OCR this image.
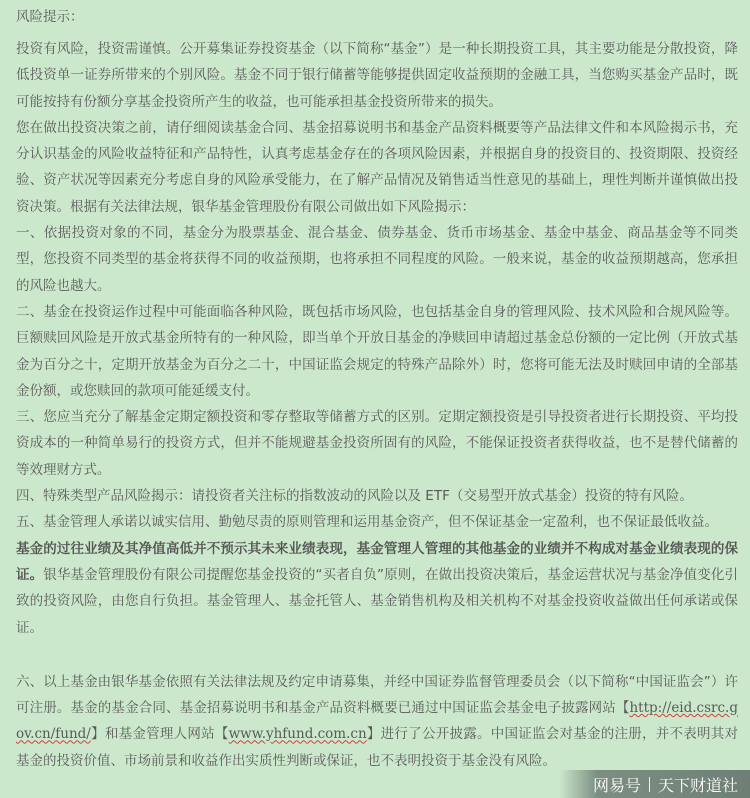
风险提示：

投资有风险，投资需谨慎。公开募集证券投资基金（以下简称“基金”）是一种长期投资工具，其主要功能是分散投资，降低投资单一证券所带来的个别风险。基金不同于银行储蓄等能够提供固定收益预期的金融工具，当您购买基金产品时，既可能按持有份额分享基金投资所产生的收益，也可能承担基金投资所带来的损失。

您在做出投资决策之前，请仔细阅读基金合同、基金招募说明书和基金产品资料概要等产品法律文件和本风险揭示书，充分认识基金的风险收益特征和产品特性，认真考虑基金存在的各项风险因素，并根据自身的投资目的、投资期限、投资经验、资产状况等因素充分考虑自身的风险承受能力，在了解产品情况及销售适当性意见的基础上，理性判断并谨慎做出投资决策。根据有关法律法规，银华基金管理股份有限公司做出如下风险揭示：

一、依据投资对象的不同，基金分为股票基金、混合基金、债券基金、货币市场基金、基金中基金、商品基金等不同类型，您投资不同类型的基金将获得不同的收益预期，也将承担不同程度的风险。一般来说，基金的收益预期越高，您承担的风险也越大。

二、基金在投资运作过程中可能面临各种风险，既包括市场风险，也包括基金自身的管理风险、技术风险和合规风险等。巨额赎回风险是开放式基金所特有的一种风险，即当单个开放日基金的净赎回申请超过基金总份额的一定比例（开放式基金为百分之十，定期开放基金为百分之二十，中国证监会规定的特殊产品除外）时，您将可能无法及时赎回申请的全部基金份额，或您赎回的款项可能延缓支付。

三、您应当充分了解基金定期定额投资和零存整取等储蓄方式的区别。定期定额投资是引导投资者进行长期投资、平均投资成本的一种简单易行的投资方式，但并不能规避基金投资所固有的风险，不能保证投资者获得收益，也不是替代储蓄的等效理财方式。

四、特殊类型产品风险揭示：请投资者关注标的指数波动的风险以及 ETF（交易型开放式基金）投资的特有风险。

五、基金管理人承诺以诚实信用、勤勉尽责的原则管理和运用基金资产，但不保证基金一定盈利，也不保证最低收益。

基金的过往业绩及其净值高低并不预示其未来业绩表现，基金管理人管理的其他基金的业绩并不构成对基金业绩表现的保证。银华基金管理股份有限公司提醒您基金投资的“买者自负”原则，在做出投资决策后，基金运营状况与基金净值变化引致的投资风险，由您自行负担。基金管理人、基金托管人、基金销售机构及相关机构不对基金投资收益做出任何承诺或保证。

六、以上基金由银华基金依照有关法律法规及约定申请募集，并经中国证券监督管理委员会（以下简称“中国证监会”）许可注册。基金的基金合同、基金招募说明书和基金产品资料概要已通过中国证监会基金电子披露网站【http://eid.csrc.gov.cn/fund/】和基金管理人网站【www.yhfund.com.cn】进行了公开披露。中国证监会对基金的注册，并不表明其对基金的投资价值、市场前景和收益作出实质性判断或保证，也不表明投资于基金没有风险。

网易号 天下财道社
